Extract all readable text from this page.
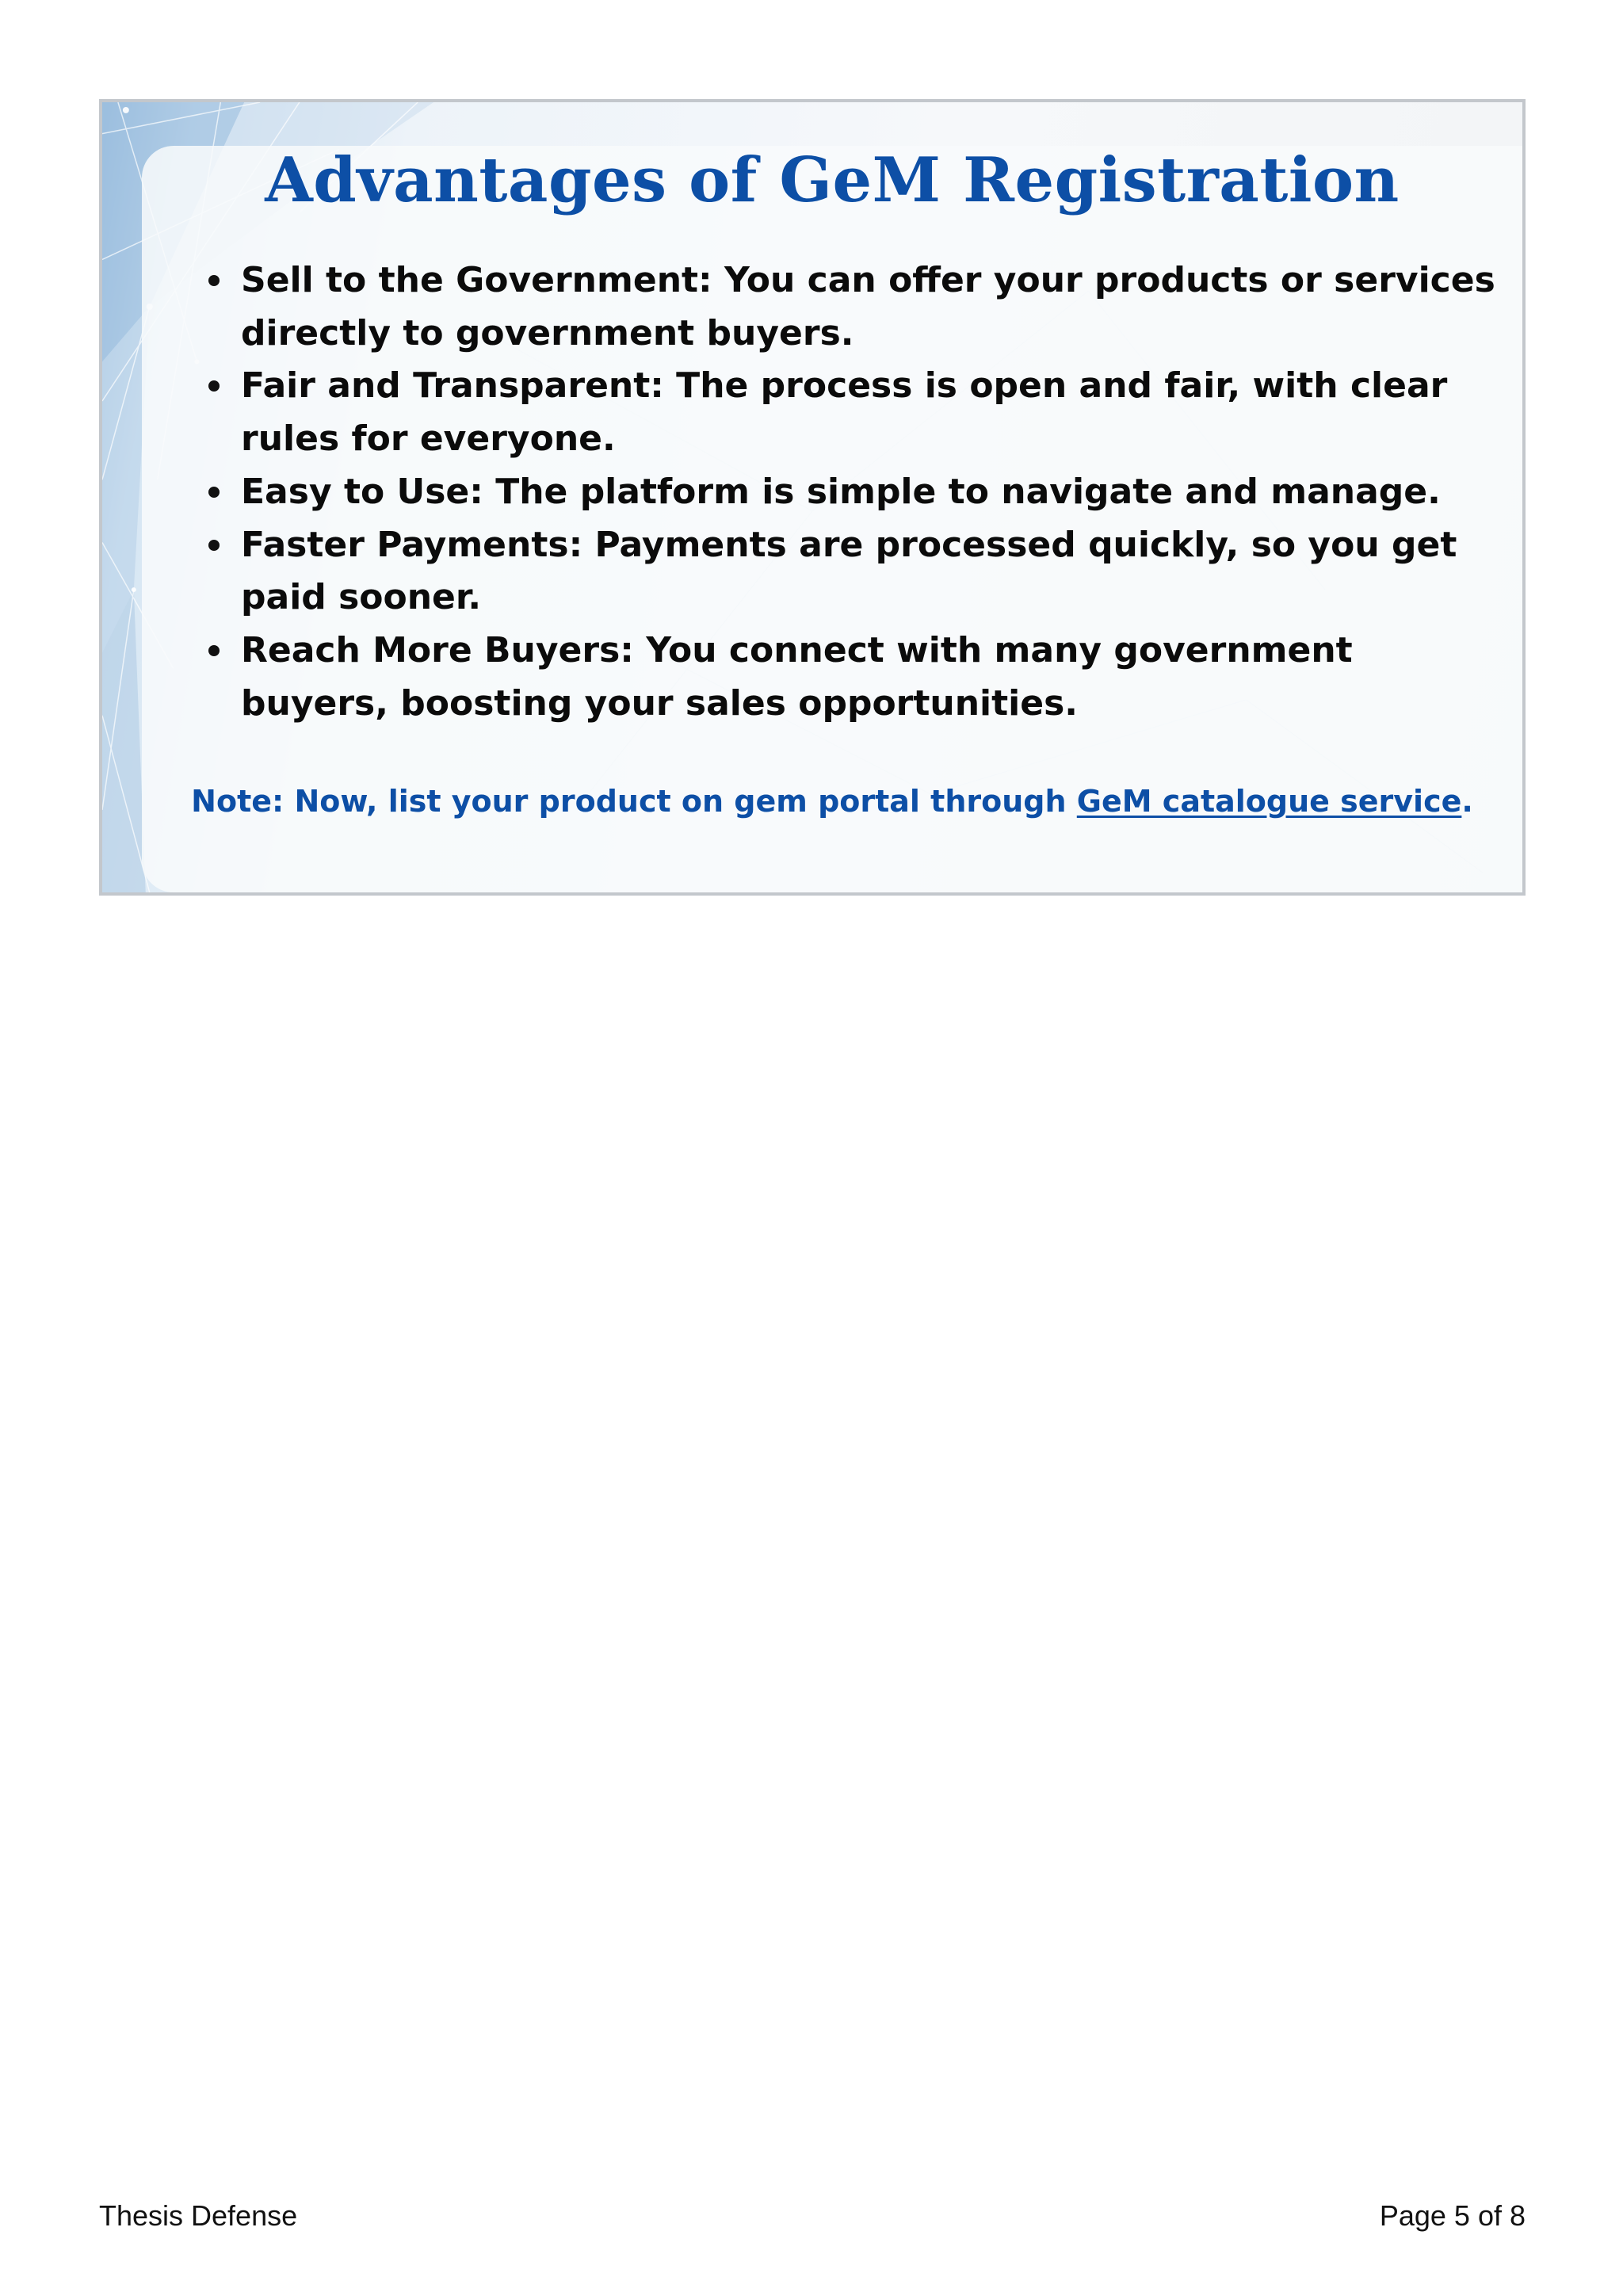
Advantages of GeM Registration
Sell to the Government: You can offer your products or services directly to government buyers.
Fair and Transparent: The process is open and fair, with clear rules for everyone.
Easy to Use: The platform is simple to navigate and manage.
Faster Payments: Payments are processed quickly, so you get paid sooner.
Reach More Buyers: You connect with many government buyers, boosting your sales opportunities.
Note: Now, list your product on gem portal through GeM catalogue service.
Thesis Defense	Page 5 of 8
